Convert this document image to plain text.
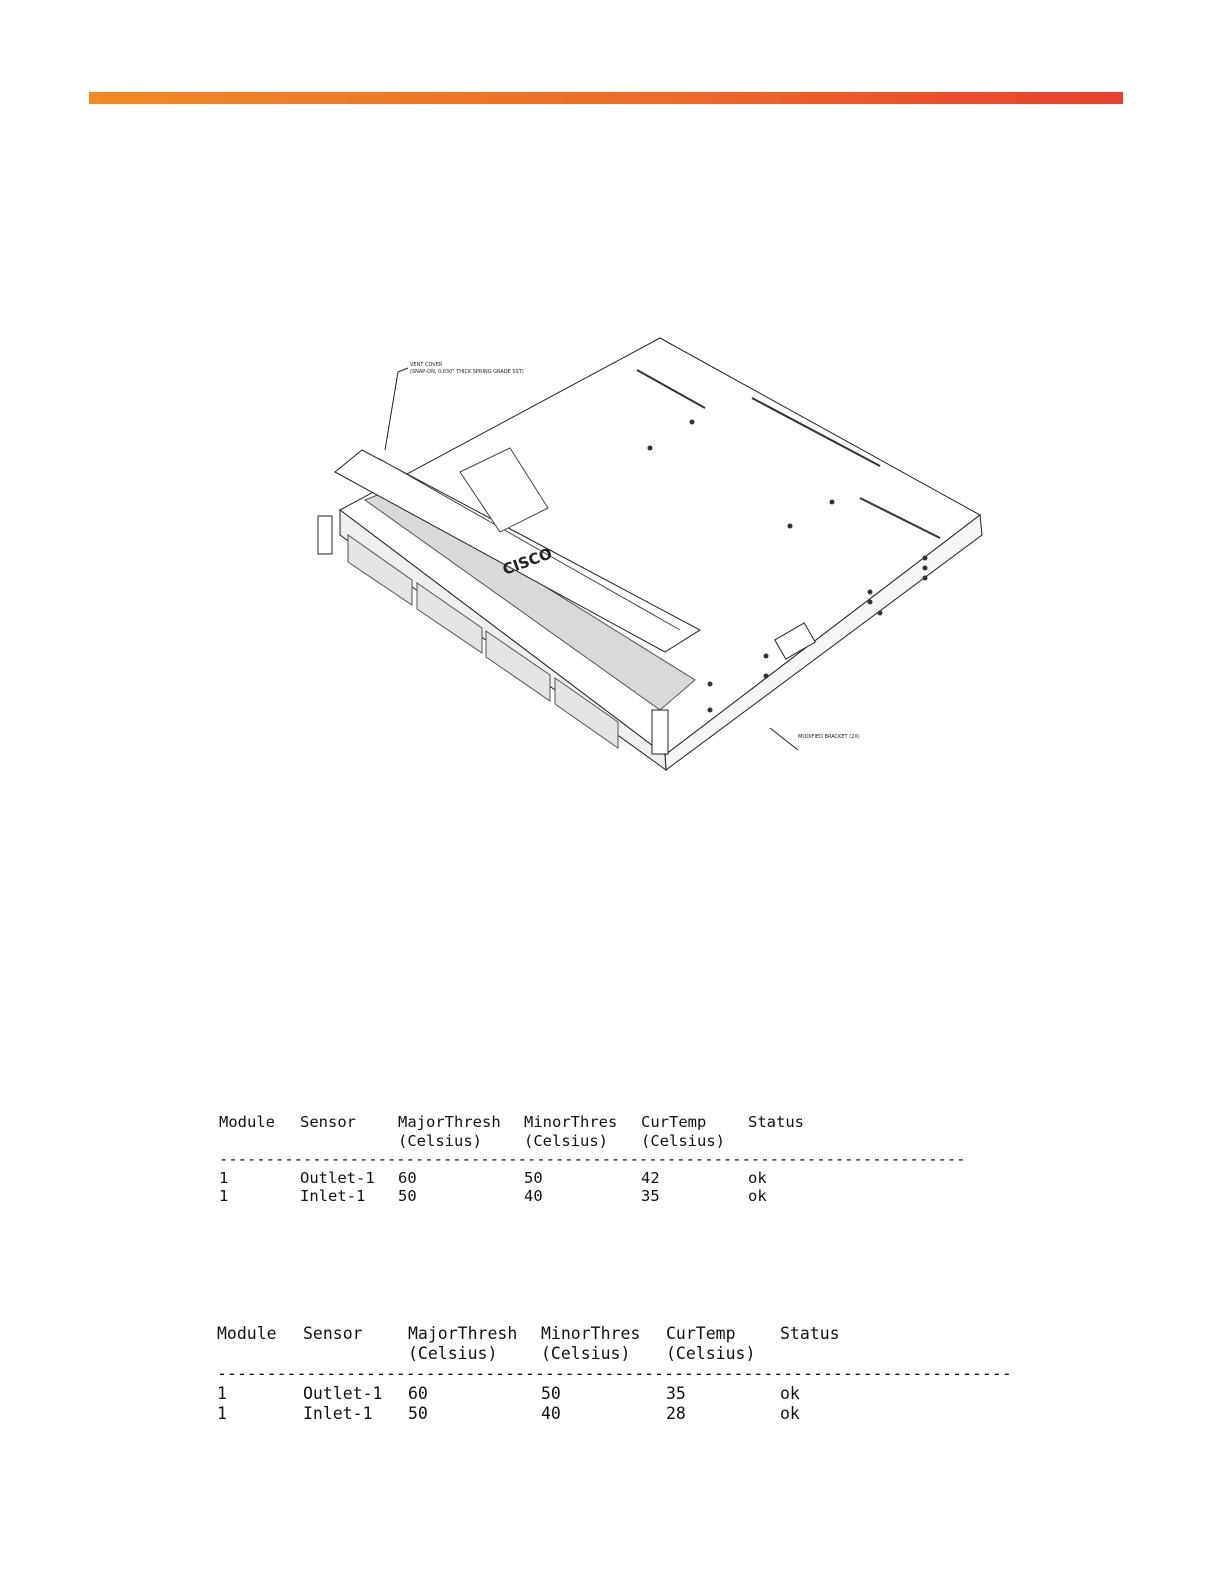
VENT COVER
(SNAP-ON, 0.030" THICK SPRING GRADE SST)
MODIFIED BRACKET (2X)
CISCO
Module	Sensor	MajorThresh	MinorThres	CurTemp	Status
(Celsius)	(Celsius)	(Celsius)
--------------------------------------------------------------------------------
1	Outlet-1	60	50	42	ok
1	Inlet-1	50	40	35	ok
Module	Sensor	MajorThresh	MinorThres	CurTemp	Status
(Celsius)	(Celsius)	(Celsius)
--------------------------------------------------------------------------------
1	Outlet-1	60	50	35	ok
1	Inlet-1	50	40	28	ok
